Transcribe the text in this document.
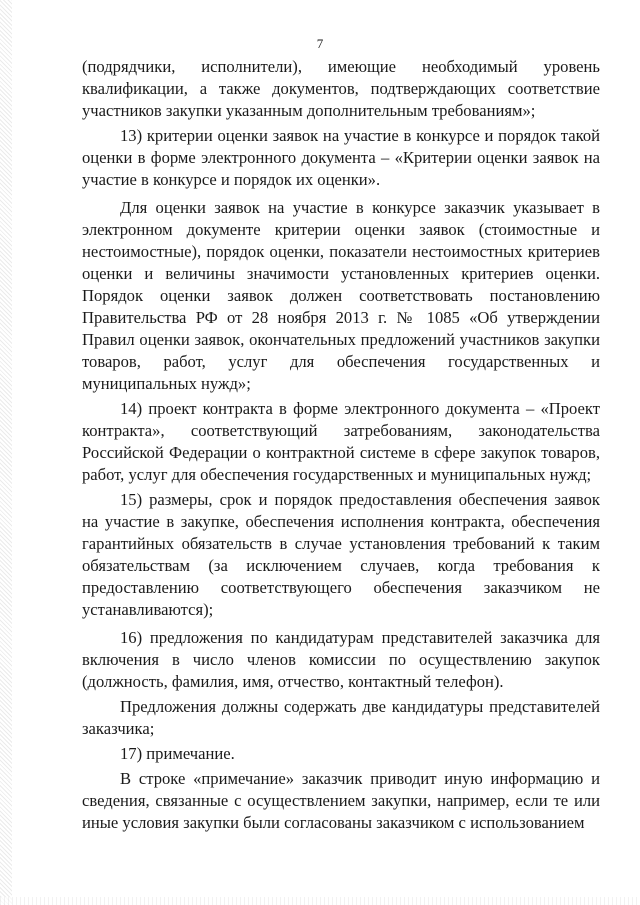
7

(подрядчики, исполнители), имеющие необходимый уровень квалификации, а также документов, подтверждающих соответствие участников закупки указанным дополнительным требованиям»;

13) критерии оценки заявок на участие в конкурсе и порядок такой оценки в форме электронного документа – «Критерии оценки заявок на участие в конкурсе и порядок их оценки».

Для оценки заявок на участие в конкурсе заказчик указывает в электронном документе критерии оценки заявок (стоимостные и нестоимостные), порядок оценки, показатели нестоимостных критериев оценки и величины значимости установленных критериев оценки. Порядок оценки заявок должен соответствовать постановлению Правительства РФ от 28 ноября 2013 г. № 1085 «Об утверждении Правил оценки заявок, окончательных предложений участников закупки товаров, работ, услуг для обеспечения государственных и муниципальных нужд»;

14) проект контракта в форме электронного документа – «Проект контракта», соответствующий затребованиям, законодательства Российской Федерации о контрактной системе в сфере закупок товаров, работ, услуг для обеспечения государственных и муниципальных нужд;

15) размеры, срок и порядок предоставления обеспечения заявок на участие в закупке, обеспечения исполнения контракта, обеспечения гарантийных обязательств в случае установления требований к таким обязательствам (за исключением случаев, когда требования к предоставлению соответствующего обеспечения заказчиком не устанавливаются);

16) предложения по кандидатурам представителей заказчика для включения в число членов комиссии по осуществлению закупок (должность, фамилия, имя, отчество, контактный телефон).

Предложения должны содержать две кандидатуры представителей заказчика;

17) примечание.

В строке «примечание» заказчик приводит иную информацию и сведения, связанные с осуществлением закупки, например, если те или иные условия закупки были согласованы заказчиком с использованием
